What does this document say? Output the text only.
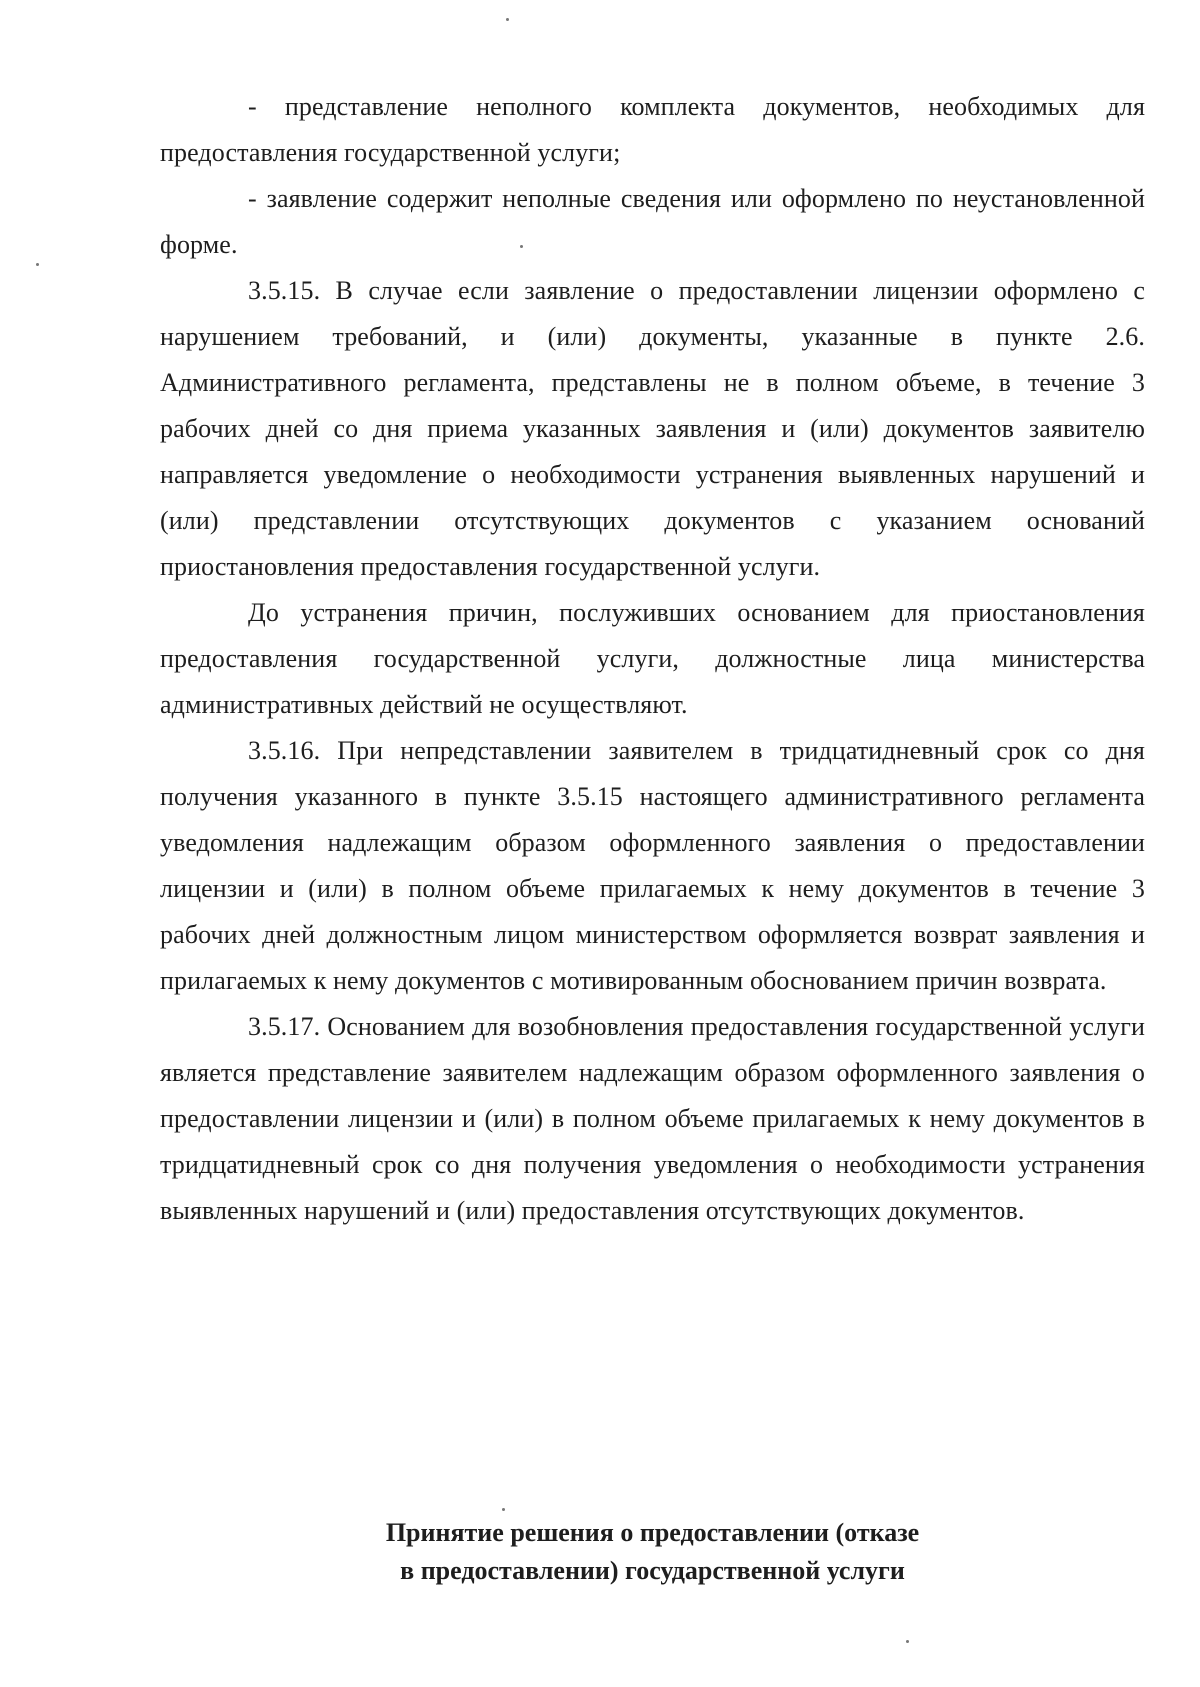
- представление неполного комплекта документов, необходимых для предоставления государственной услуги;

- заявление содержит неполные сведения или оформлено по неустановленной форме.

3.5.15. В случае если заявление о предоставлении лицензии оформлено с нарушением требований, и (или) документы, указанные в пункте 2.6. Административного регламента, представлены не в полном объеме, в течение 3 рабочих дней со дня приема указанных заявления и (или) документов заявителю направляется уведомление о необходимости устранения выявленных нарушений и (или) представлении отсутствующих документов с указанием оснований приостановления предоставления государственной услуги.

До устранения причин, послуживших основанием для приостановления предоставления государственной услуги, должностные лица министерства административных действий не осуществляют.

3.5.16. При непредставлении заявителем в тридцатидневный срок со дня получения указанного в пункте 3.5.15 настоящего административного регламента уведомления надлежащим образом оформленного заявления о предоставлении лицензии и (или) в полном объеме прилагаемых к нему документов в течение 3 рабочих дней должностным лицом министерством оформляется возврат заявления и прилагаемых к нему документов с мотивированным обоснованием причин возврата.

3.5.17. Основанием для возобновления предоставления государственной услуги является представление заявителем надлежащим образом оформленного заявления о предоставлении лицензии и (или) в полном объеме прилагаемых к нему документов в тридцатидневный срок со дня получения уведомления о необходимости устранения выявленных нарушений и (или) предоставления отсутствующих документов.

Принятие решения о предоставлении (отказе
в предоставлении) государственной услуги
